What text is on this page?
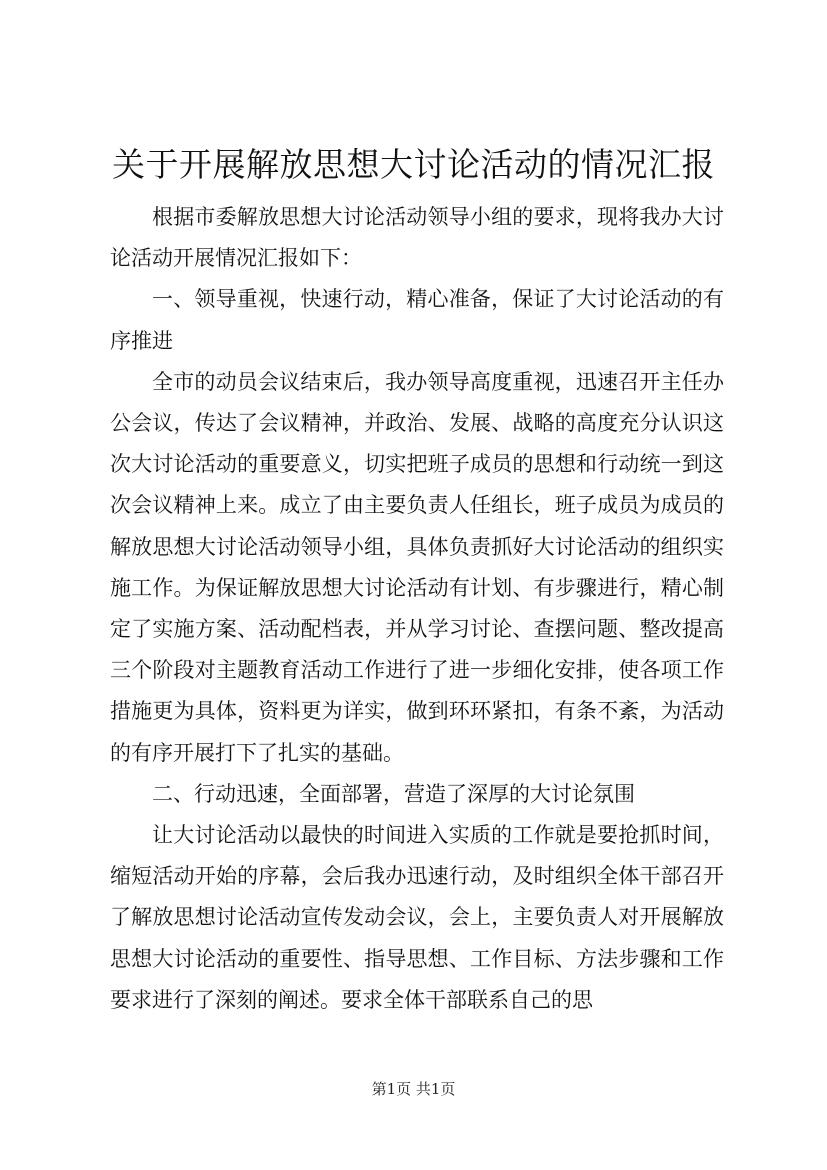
关于开展解放思想大讨论活动的情况汇报

根据市委解放思想大讨论活动领导小组的要求，现将我办大讨论活动开展情况汇报如下：

一、领导重视，快速行动，精心准备，保证了大讨论活动的有序推进

全市的动员会议结束后，我办领导高度重视，迅速召开主任办公会议，传达了会议精神，并政治、发展、战略的高度充分认识这次大讨论活动的重要意义，切实把班子成员的思想和行动统一到这次会议精神上来。成立了由主要负责人任组长，班子成员为成员的解放思想大讨论活动领导小组，具体负责抓好大讨论活动的组织实施工作。为保证解放思想大讨论活动有计划、有步骤进行，精心制定了实施方案、活动配档表，并从学习讨论、查摆问题、整改提高三个阶段对主题教育活动工作进行了进一步细化安排，使各项工作措施更为具体，资料更为详实，做到环环紧扣，有条不紊，为活动的有序开展打下了扎实的基础。

二、行动迅速，全面部署，营造了深厚的大讨论氛围

让大讨论活动以最快的时间进入实质的工作就是要抢抓时间，缩短活动开始的序幕，会后我办迅速行动，及时组织全体干部召开了解放思想讨论活动宣传发动会议，会上，主要负责人对开展解放思想大讨论活动的重要性、指导思想、工作目标、方法步骤和工作要求进行了深刻的阐述。要求全体干部联系自己的思

第1页 共1页
